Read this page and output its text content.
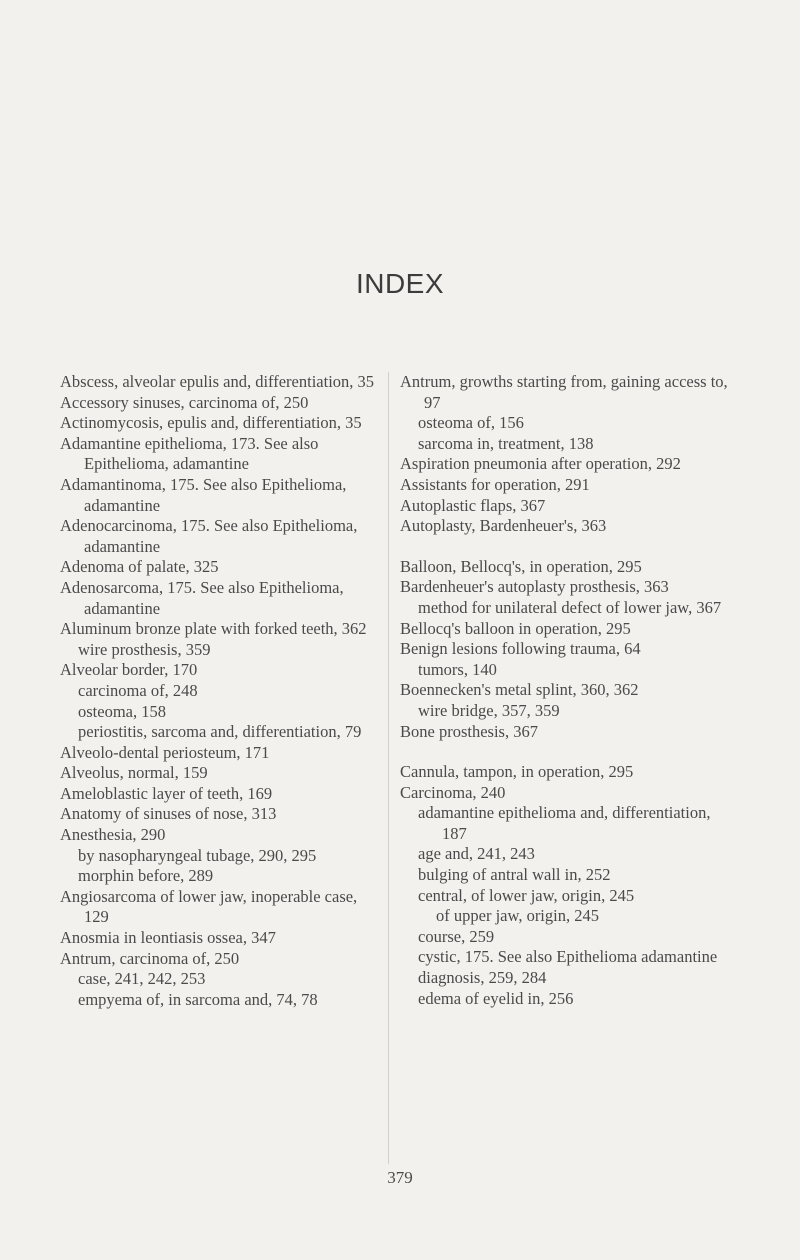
INDEX

Abscess, alveolar epulis and, differentiation, 35

Accessory sinuses, carcinoma of, 250

Actinomycosis, epulis and, differentiation, 35

Adamantine epithelioma, 173. See also Epithelioma, adamantine

Adamantinoma, 175. See also Epithelioma, adamantine

Adenocarcinoma, 175. See also Epithelioma, adamantine

Adenoma of palate, 325

Adenosarcoma, 175. See also Epithelioma, adamantine

Aluminum bronze plate with forked teeth, 362

wire prosthesis, 359

Alveolar border, 170

carcinoma of, 248

osteoma, 158

periostitis, sarcoma and, differentiation, 79

Alveolo-dental periosteum, 171

Alveolus, normal, 159

Ameloblastic layer of teeth, 169

Anatomy of sinuses of nose, 313

Anesthesia, 290

by nasopharyngeal tubage, 290, 295

morphin before, 289

Angiosarcoma of lower jaw, inoperable case, 129

Anosmia in leontiasis ossea, 347

Antrum, carcinoma of, 250

case, 241, 242, 253

empyema of, in sarcoma and, 74, 78

Antrum, growths starting from, gaining access to, 97

osteoma of, 156

sarcoma in, treatment, 138

Aspiration pneumonia after operation, 292

Assistants for operation, 291

Autoplastic flaps, 367

Autoplasty, Bardenheuer's, 363

Balloon, Bellocq's, in operation, 295

Bardenheuer's autoplasty prosthesis, 363

method for unilateral defect of lower jaw, 367

Bellocq's balloon in operation, 295

Benign lesions following trauma, 64

tumors, 140

Boennecken's metal splint, 360, 362

wire bridge, 357, 359

Bone prosthesis, 367

Cannula, tampon, in operation, 295

Carcinoma, 240

adamantine epithelioma and, differentiation, 187

age and, 241, 243

bulging of antral wall in, 252

central, of lower jaw, origin, 245

of upper jaw, origin, 245

course, 259

cystic, 175. See also Epithelioma adamantine

diagnosis, 259, 284

edema of eyelid in, 256

379
